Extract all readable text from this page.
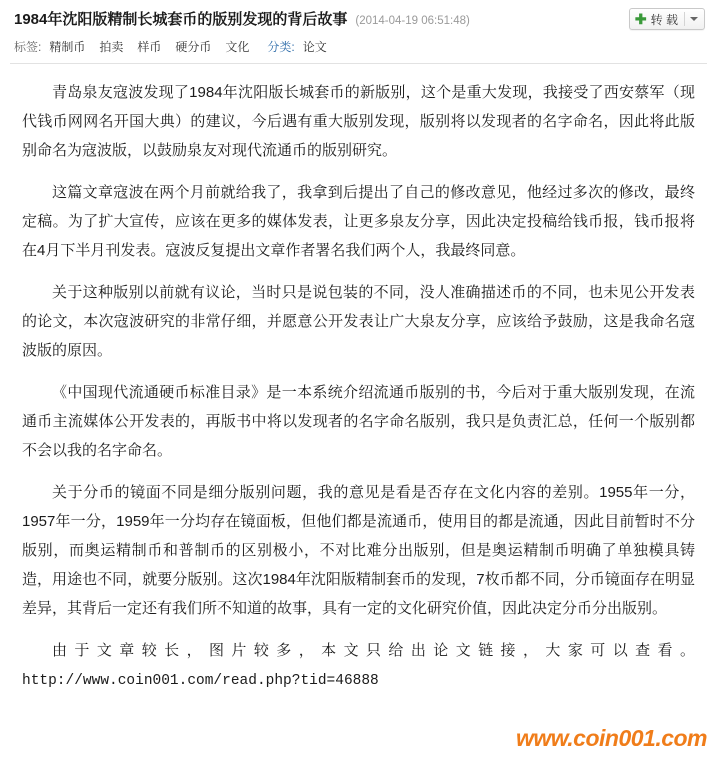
1984年沈阳版精制长城套币的版别发现的背后故事 (2014-04-19 06:51:48)	✚ 转 载
标签: 精制币 拍卖 样币 硬分币 文化 分类: 论文

青岛泉友寇波发现了1984年沈阳版长城套币的新版别，这个是重大发现，我接受了西安蔡军（现代钱币网网名开国大典）的建议，今后遇有重大版别发现，版别将以发现者的名字命名，因此将此版别命名为寇波版，以鼓励泉友对现代流通币的版别研究。

这篇文章寇波在两个月前就给我了，我拿到后提出了自己的修改意见，他经过多次的修改，最终定稿。为了扩大宣传，应该在更多的媒体发表，让更多泉友分享，因此决定投稿给钱币报，钱币报将在4月下半月刊发表。寇波反复提出文章作者署名我们两个人，我最终同意。

关于这种版别以前就有议论，当时只是说包装的不同，没人准确描述币的不同，也未见公开发表的论文，本次寇波研究的非常仔细，并愿意公开发表让广大泉友分享，应该给予鼓励，这是我命名寇波版的原因。

《中国现代流通硬币标准目录》是一本系统介绍流通币版别的书，今后对于重大版别发现，在流通币主流媒体公开发表的，再版书中将以发现者的名字命名版别，我只是负责汇总，任何一个版别都不会以我的名字命名。

关于分币的镜面不同是细分版别问题，我的意见是看是否存在文化内容的差别。1955年一分，1957年一分，1959年一分均存在镜面板，但他们都是流通币，使用目的都是流通，因此目前暂时不分版别，而奥运精制币和普制币的区别极小，不对比难分出版别，但是奥运精制币明确了单独模具铸造，用途也不同，就要分版别。这次1984年沈阳版精制套币的发现，7枚币都不同，分币镜面存在明显差异，其背后一定还有我们所不知道的故事，具有一定的文化研究价值，因此决定分币分出版别。

由于文章较长，图片较多，本文只给出论文链接，大家可以查看。http://www.coin001.com/read.php?tid=46888

www.coin001.com
